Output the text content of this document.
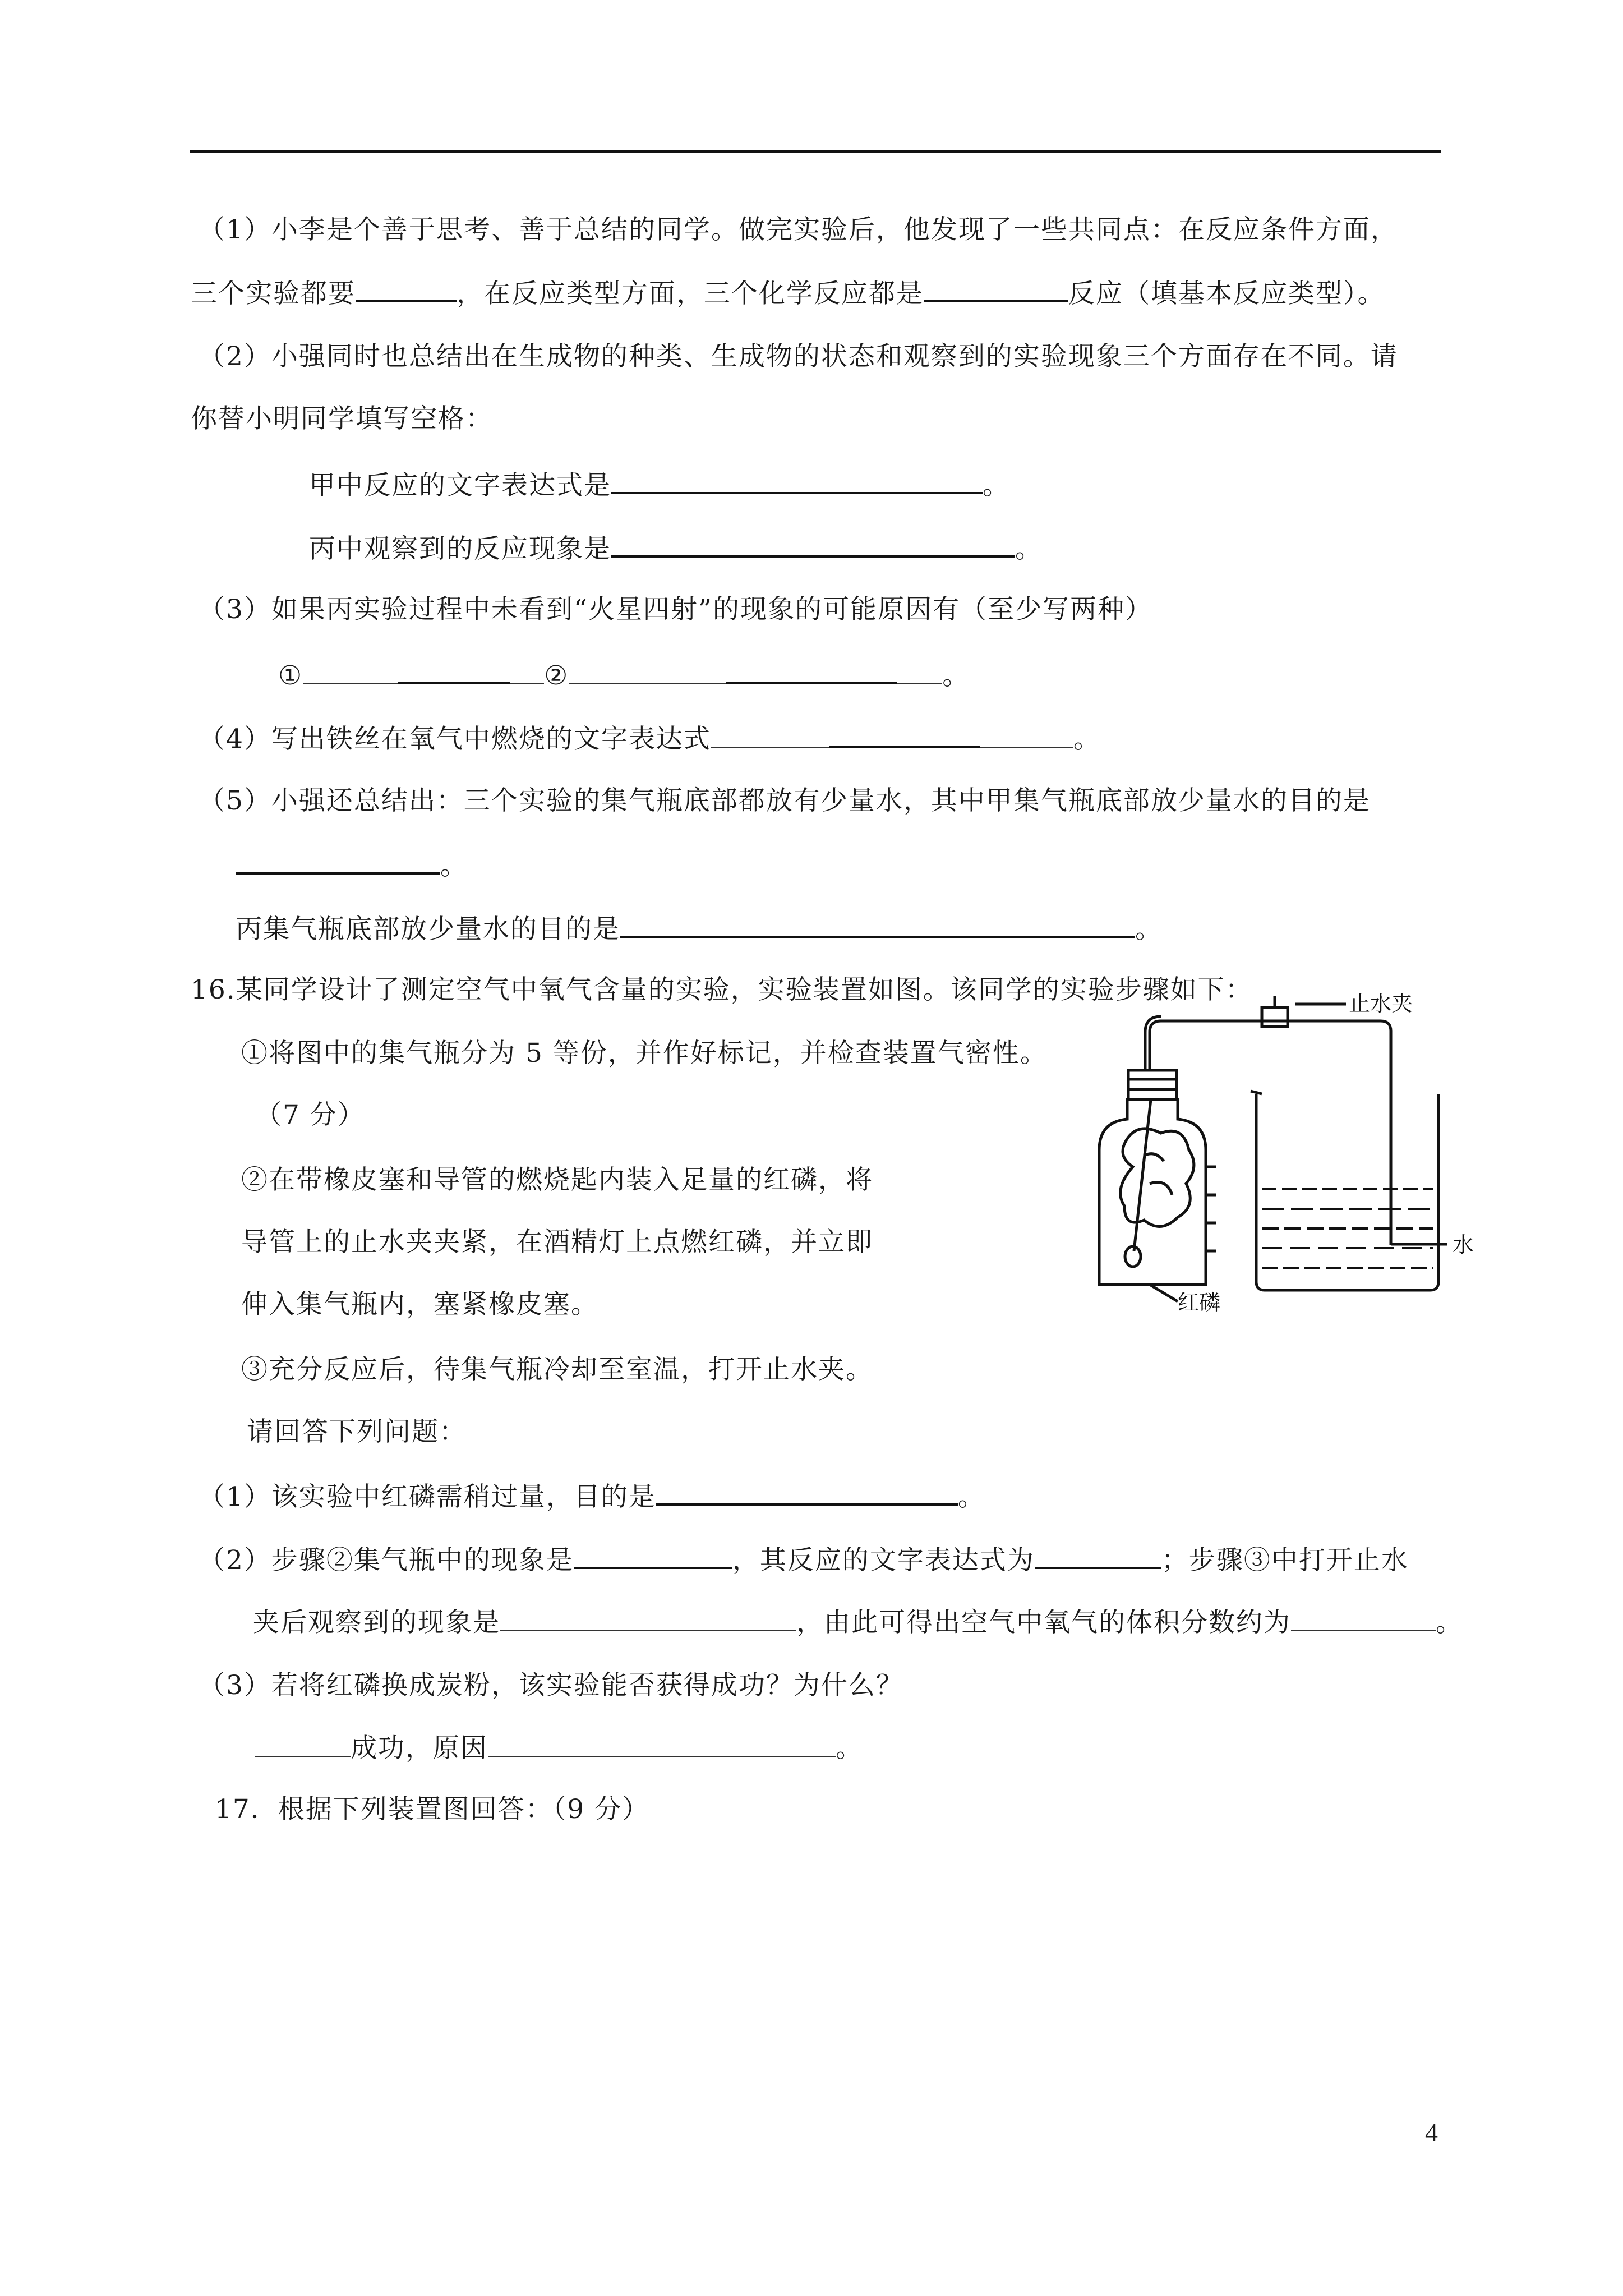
（1）小李是个善于思考、善于总结的同学。做完实验后，他发现了一些共同点：在反应条件方面，
三个实验都要	，在反应类型方面，三个化学反应都是	反应（填基本反应类型）。
（2）小强同时也总结出在生成物的种类、生成物的状态和观察到的实验现象三个方面存在不同。请
你替小明同学填写空格：
甲中反应的文字表达式是	。
丙中观察到的反应现象是	。
（3）如果丙实验过程中未看到“火星四射”的现象的可能原因有（至少写两种）
①	②	。
（4）写出铁丝在氧气中燃烧的文字表达式	。
（5）小强还总结出：三个实验的集气瓶底部都放有少量水，其中甲集气瓶底部放少量水的目的是
。
丙集气瓶底部放少量水的目的是	。
16.某同学设计了测定空气中氧气含量的实验，实验装置如图。该同学的实验步骤如下：
①将图中的集气瓶分为 5 等份，并作好标记，并检查装置气密性。
（7 分）
②在带橡皮塞和导管的燃烧匙内装入足量的红磷，将
导管上的止水夹夹紧，在酒精灯上点燃红磷，并立即
伸入集气瓶内，塞紧橡皮塞。
③充分反应后，待集气瓶冷却至室温，打开止水夹。
请回答下列问题：
（1）该实验中红磷需稍过量，目的是	。
（2）步骤②集气瓶中的现象是	，其反应的文字表达式为	；步骤③中打开止水
夹后观察到的现象是	，由此可得出空气中氧气的体积分数约为	。
（3）若将红磷换成炭粉，该实验能否获得成功？为什么？
成功，原因	。
17．根据下列装置图回答：（9 分）
止水夹
水
红磷
4
